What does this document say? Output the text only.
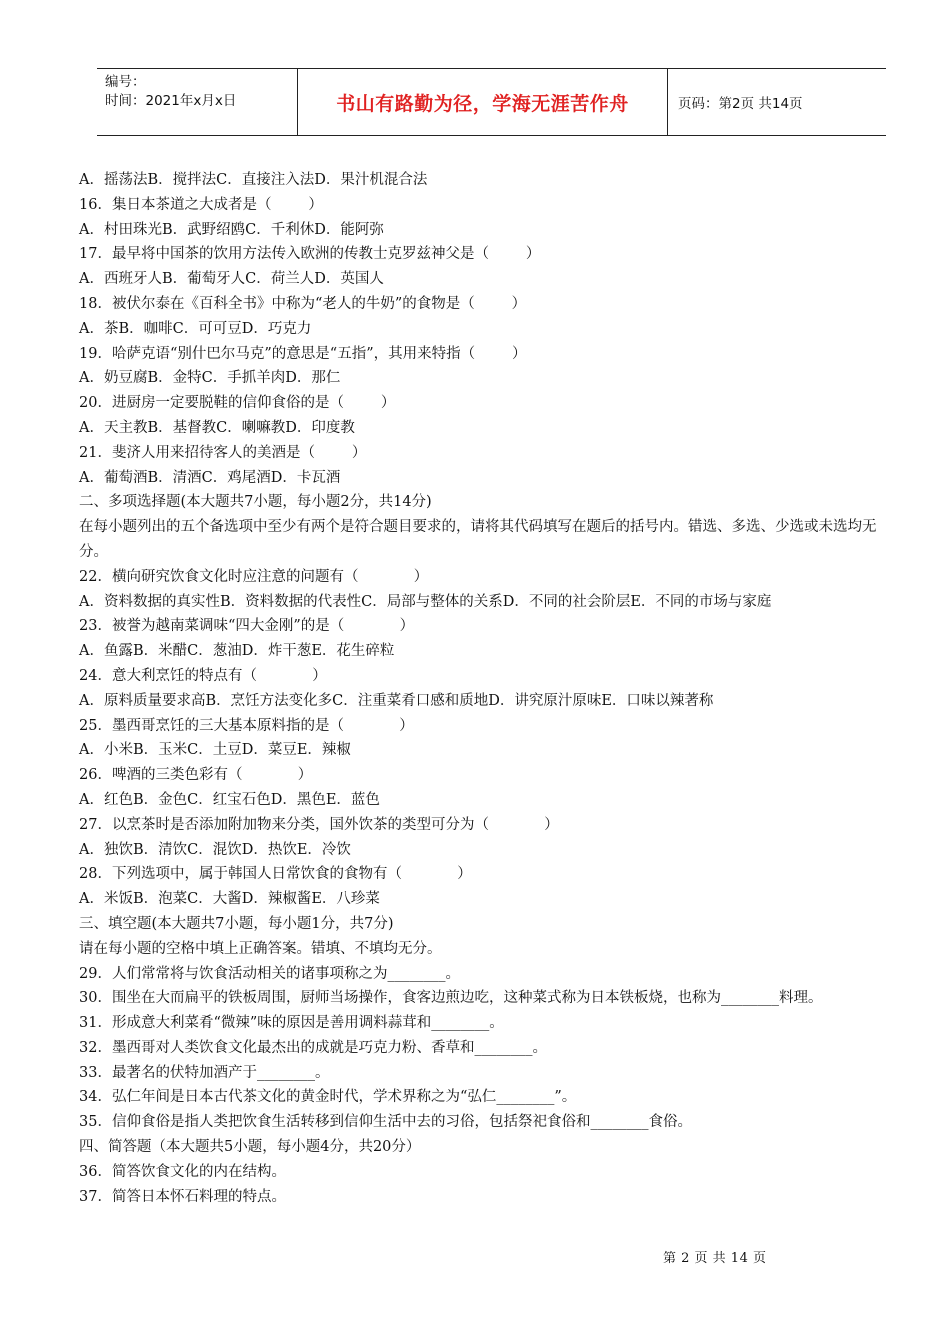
编号：
时间：2021年x月x日	书山有路勤为径，学海无涯苦作舟	页码：第2页 共14页
A．摇荡法B．搅拌法C．直接注入法D．果汁机混合法
16．集日本茶道之大成者是（        ）
A．村田珠光B．武野绍鸥C．千利休D．能阿弥
17．最早将中国茶的饮用方法传入欧洲的传教士克罗兹神父是（        ）
A．西班牙人B．葡萄牙人C．荷兰人D．英国人
18．被伏尔泰在《百科全书》中称为“老人的牛奶”的食物是（        ）
A．茶B．咖啡C．可可豆D．巧克力
19．哈萨克语“别什巴尔马克”的意思是“五指”，其用来特指（        ）
A．奶豆腐B．金特C．手抓羊肉D．那仁
20．进厨房一定要脱鞋的信仰食俗的是（        ）
A．天主教B．基督教C．喇嘛教D．印度教
21．斐济人用来招待客人的美酒是（        ）
A．葡萄酒B．清酒C．鸡尾酒D．卡瓦酒
二、多项选择题(本大题共7小题，每小题2分，共14分)
在每小题列出的五个备选项中至少有两个是符合题目要求的，请将其代码填写在题后的括号内。错选、多选、少选或未选均无分。
22．横向研究饮食文化时应注意的问题有（            ）
A．资料数据的真实性B．资料数据的代表性C．局部与整体的关系D．不同的社会阶层E．不同的市场与家庭
23．被誉为越南菜调味“四大金刚”的是（            ）
A．鱼露B．米醋C．葱油D．炸干葱E．花生碎粒
24．意大利烹饪的特点有（            ）
A．原料质量要求高B．烹饪方法变化多C．注重菜肴口感和质地D．讲究原汁原味E．口味以辣著称
25．墨西哥烹饪的三大基本原料指的是（            ）
A．小米B．玉米C．土豆D．菜豆E．辣椒
26．啤酒的三类色彩有（            ）
A．红色B．金色C．红宝石色D．黑色E．蓝色
27．以烹茶时是否添加附加物来分类，国外饮茶的类型可分为（            ）
A．独饮B．清饮C．混饮D．热饮E．冷饮
28．下列选项中，属于韩国人日常饮食的食物有（            ）
A．米饭B．泡菜C．大酱D．辣椒酱E．八珍菜
三、填空题(本大题共7小题，每小题1分，共7分)
请在每小题的空格中填上正确答案。错填、不填均无分。
29．人们常常将与饮食活动相关的诸事项称之为________。
30．围坐在大而扁平的铁板周围，厨师当场操作，食客边煎边吃，这种菜式称为日本铁板烧，也称为________料理。
31．形成意大利菜肴“微辣”味的原因是善用调料蒜茸和________。
32．墨西哥对人类饮食文化最杰出的成就是巧克力粉、香草和________。
33．最著名的伏特加酒产于________。
34．弘仁年间是日本古代茶文化的黄金时代，学术界称之为“弘仁________”。
35．信仰食俗是指人类把饮食生活转移到信仰生活中去的习俗，包括祭祀食俗和________食俗。
四、简答题（本大题共5小题，每小题4分，共20分）
36．简答饮食文化的内在结构。
37．简答日本怀石料理的特点。
第 2 页 共 14 页
